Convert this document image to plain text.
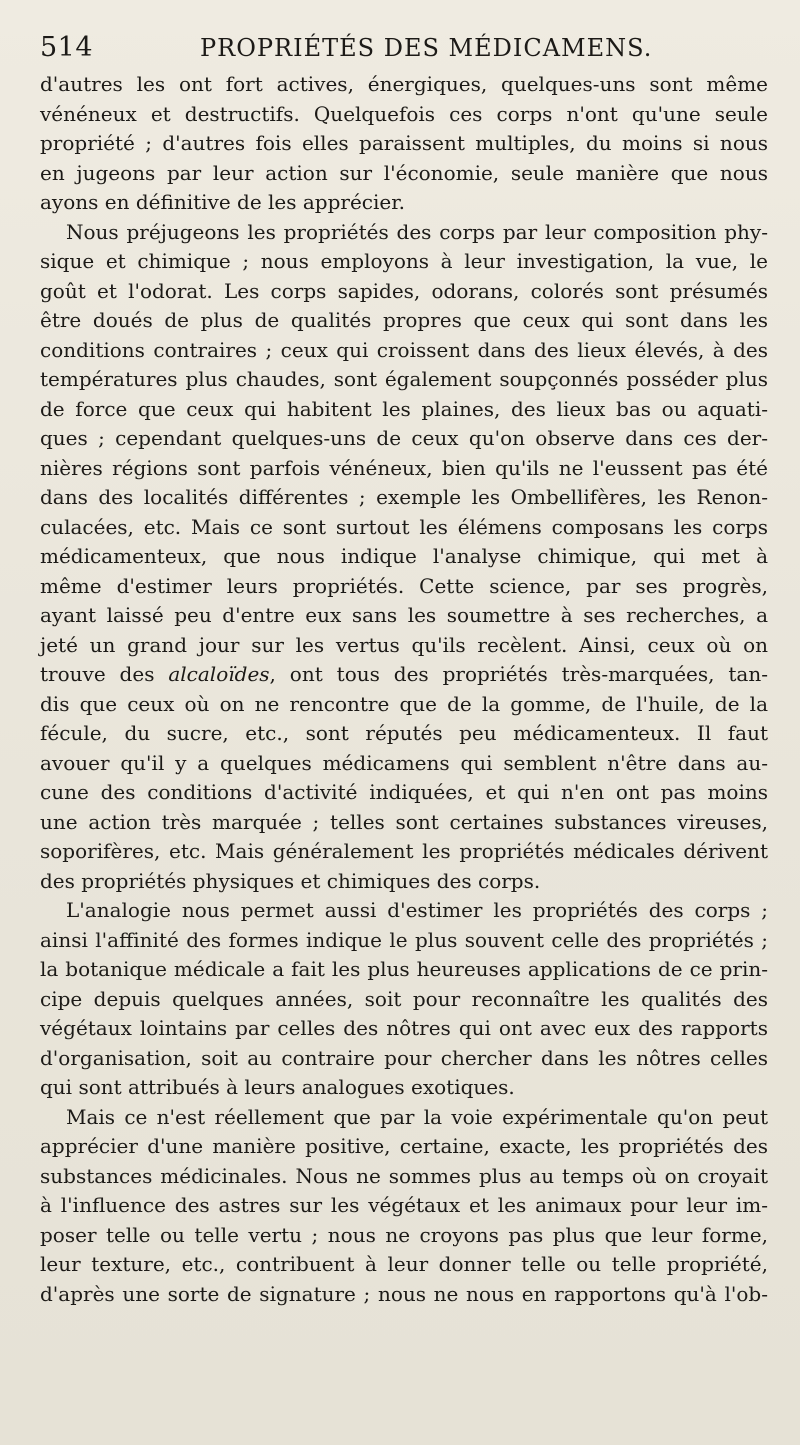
514	PROPRIÉTÉS DES MÉDICAMENS.
d'autres les ont fort actives, énergiques, quelques-uns sont même
vénéneux et destructifs. Quelquefois ces corps n'ont qu'une seule
propriété ; d'autres fois elles paraissent multiples, du moins si nous
en jugeons par leur action sur l'économie, seule manière que nous
ayons en définitive de les apprécier.
Nous préjugeons les propriétés des corps par leur composition phy-
sique et chimique ; nous employons à leur investigation, la vue, le
goût et l'odorat. Les corps sapides, odorans, colorés sont présumés
être doués de plus de qualités propres que ceux qui sont dans les
conditions contraires ; ceux qui croissent dans des lieux élevés, à des
températures plus chaudes, sont également soupçonnés posséder plus
de force que ceux qui habitent les plaines, des lieux bas ou aquati-
ques ; cependant quelques-uns de ceux qu'on observe dans ces der-
nières régions sont parfois vénéneux, bien qu'ils ne l'eussent pas été
dans des localités différentes ; exemple les Ombellifères, les Renon-
culacées, etc. Mais ce sont surtout les élémens composans les corps
médicamenteux, que nous indique l'analyse chimique, qui met à
même d'estimer leurs propriétés. Cette science, par ses progrès,
ayant laissé peu d'entre eux sans les soumettre à ses recherches, a
jeté un grand jour sur les vertus qu'ils recèlent. Ainsi, ceux où on
trouve des alcaloïdes, ont tous des propriétés très-marquées, tan-
dis que ceux où on ne rencontre que de la gomme, de l'huile, de la
fécule, du sucre, etc., sont réputés peu médicamenteux. Il faut
avouer qu'il y a quelques médicamens qui semblent n'être dans au-
cune des conditions d'activité indiquées, et qui n'en ont pas moins
une action très marquée ; telles sont certaines substances vireuses,
soporifères, etc. Mais généralement les propriétés médicales dérivent
des propriétés physiques et chimiques des corps.
L'analogie nous permet aussi d'estimer les propriétés des corps ;
ainsi l'affinité des formes indique le plus souvent celle des propriétés ;
la botanique médicale a fait les plus heureuses applications de ce prin-
cipe depuis quelques années, soit pour reconnaître les qualités des
végétaux lointains par celles des nôtres qui ont avec eux des rapports
d'organisation, soit au contraire pour chercher dans les nôtres celles
qui sont attribués à leurs analogues exotiques.
Mais ce n'est réellement que par la voie expérimentale qu'on peut
apprécier d'une manière positive, certaine, exacte, les propriétés des
substances médicinales. Nous ne sommes plus au temps où on croyait
à l'influence des astres sur les végétaux et les animaux pour leur im-
poser telle ou telle vertu ; nous ne croyons pas plus que leur forme,
leur texture, etc., contribuent à leur donner telle ou telle propriété,
d'après une sorte de signature ; nous ne nous en rapportons qu'à l'ob-
